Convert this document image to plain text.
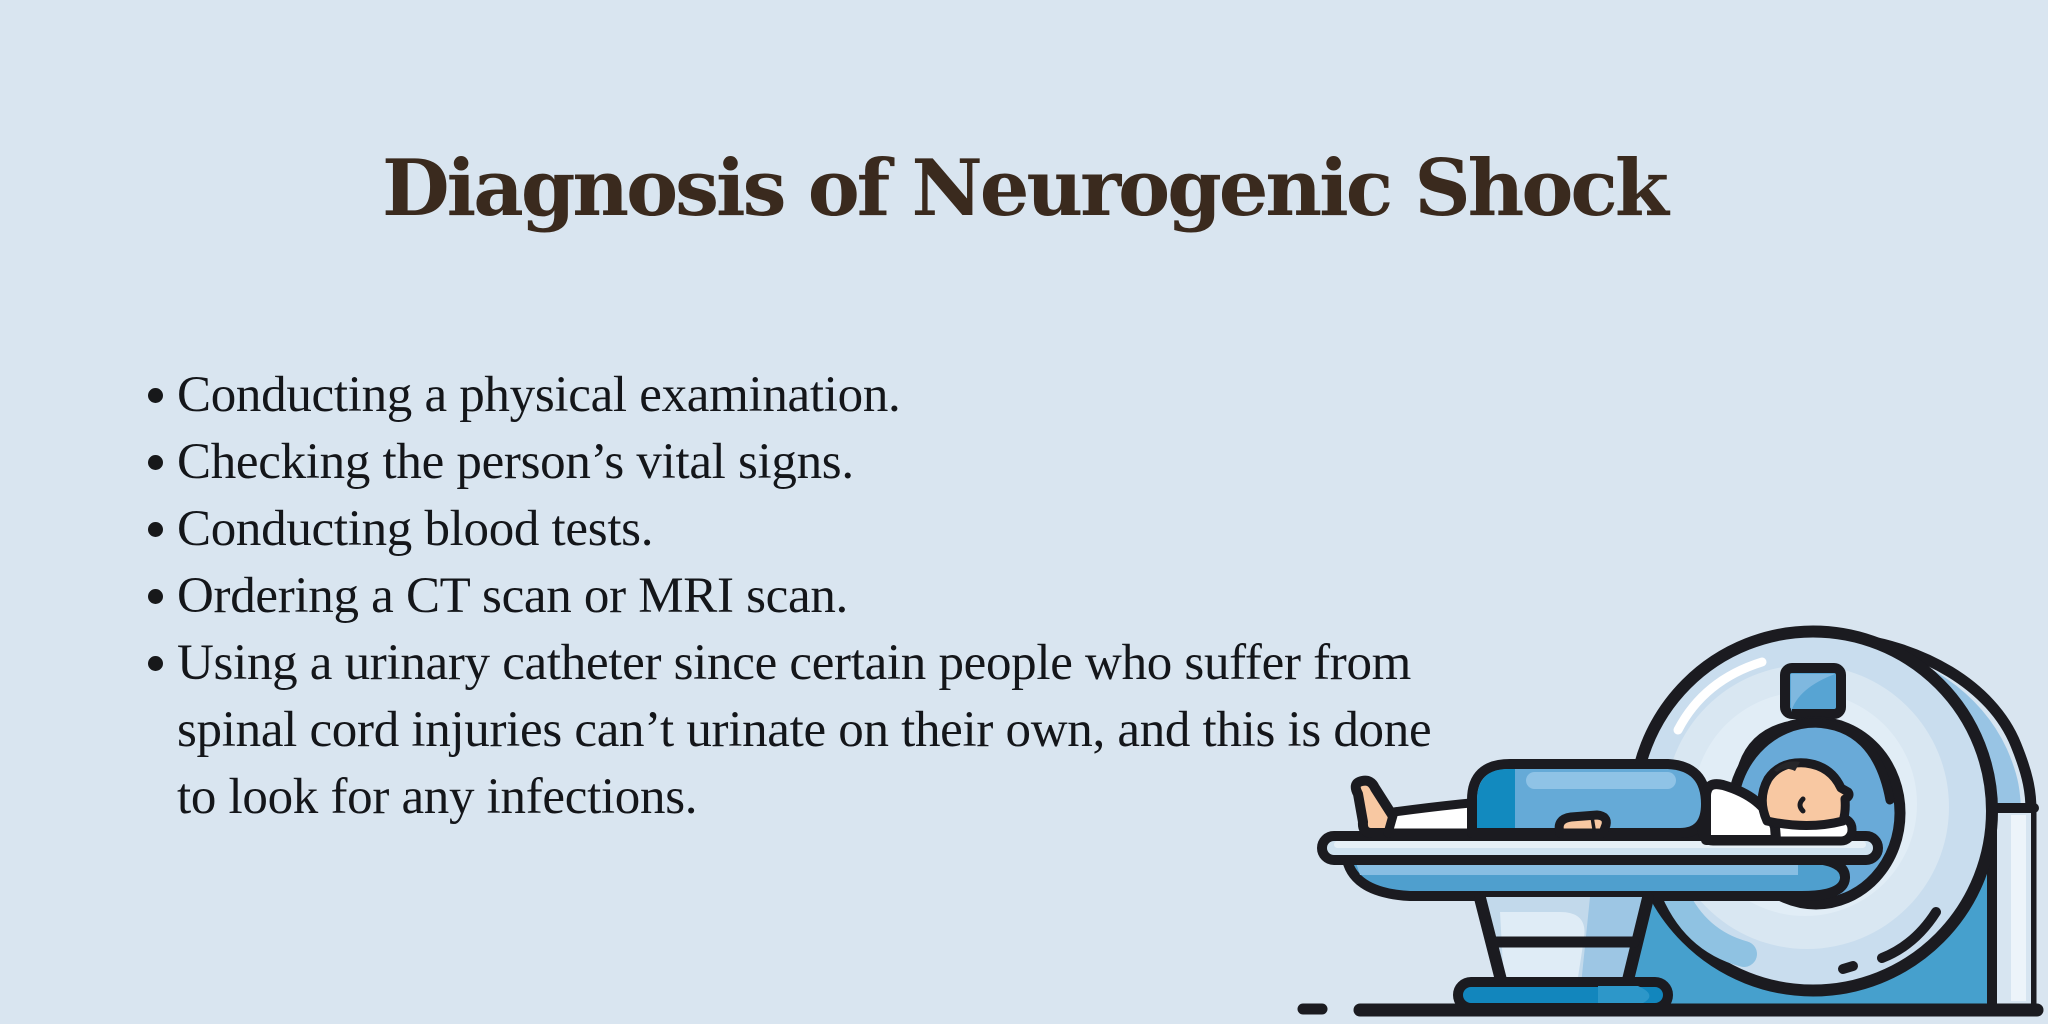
Diagnosis of Neurogenic Shock
Conducting a physical examination.
Checking the person’s vital signs.
Conducting blood tests.
Ordering a CT scan or MRI scan.
Using a urinary catheter since certain people who suffer from
spinal cord injuries can’t urinate on their own, and this is done
to look for any infections.
